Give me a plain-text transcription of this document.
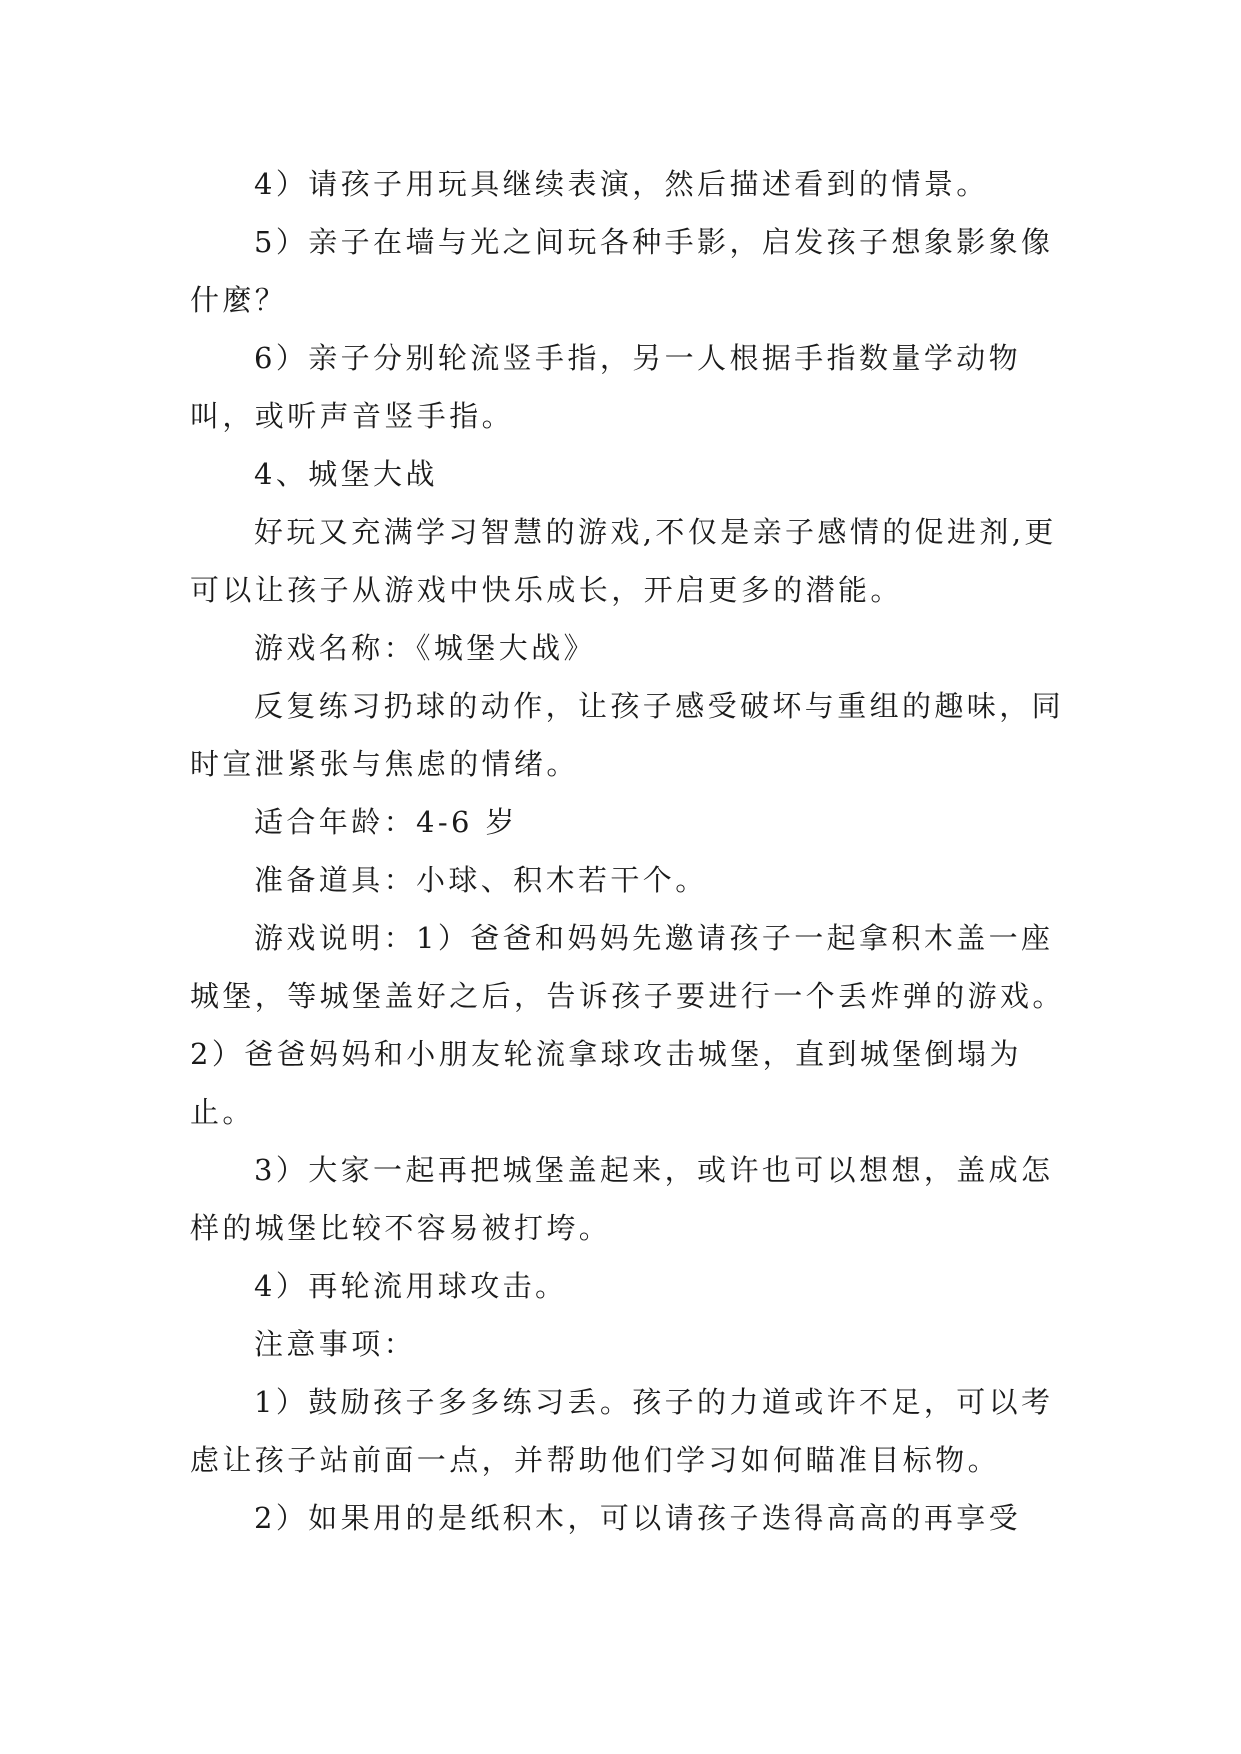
4）请孩子用玩具继续表演，然后描述看到的情景。

5）亲子在墙与光之间玩各种手影，启发孩子想象影象像什麼？

6）亲子分别轮流竖手指，另一人根据手指数量学动物叫，或听声音竖手指。

4、城堡大战

好玩又充满学习智慧的游戏,不仅是亲子感情的促进剂,更可以让孩子从游戏中快乐成长，开启更多的潜能。

游戏名称：《城堡大战》

反复练习扔球的动作，让孩子感受破坏与重组的趣味，同时宣泄紧张与焦虑的情绪。

适合年龄：4-6 岁

准备道具：小球、积木若干个。

游戏说明：1）爸爸和妈妈先邀请孩子一起拿积木盖一座城堡，等城堡盖好之后，告诉孩子要进行一个丢炸弹的游戏。2）爸爸妈妈和小朋友轮流拿球攻击城堡，直到城堡倒塌为止。

3）大家一起再把城堡盖起来，或许也可以想想，盖成怎样的城堡比较不容易被打垮。

4）再轮流用球攻击。

注意事项：

1）鼓励孩子多多练习丢。孩子的力道或许不足，可以考虑让孩子站前面一点，并帮助他们学习如何瞄准目标物。

2）如果用的是纸积木，可以请孩子迭得高高的再享受
